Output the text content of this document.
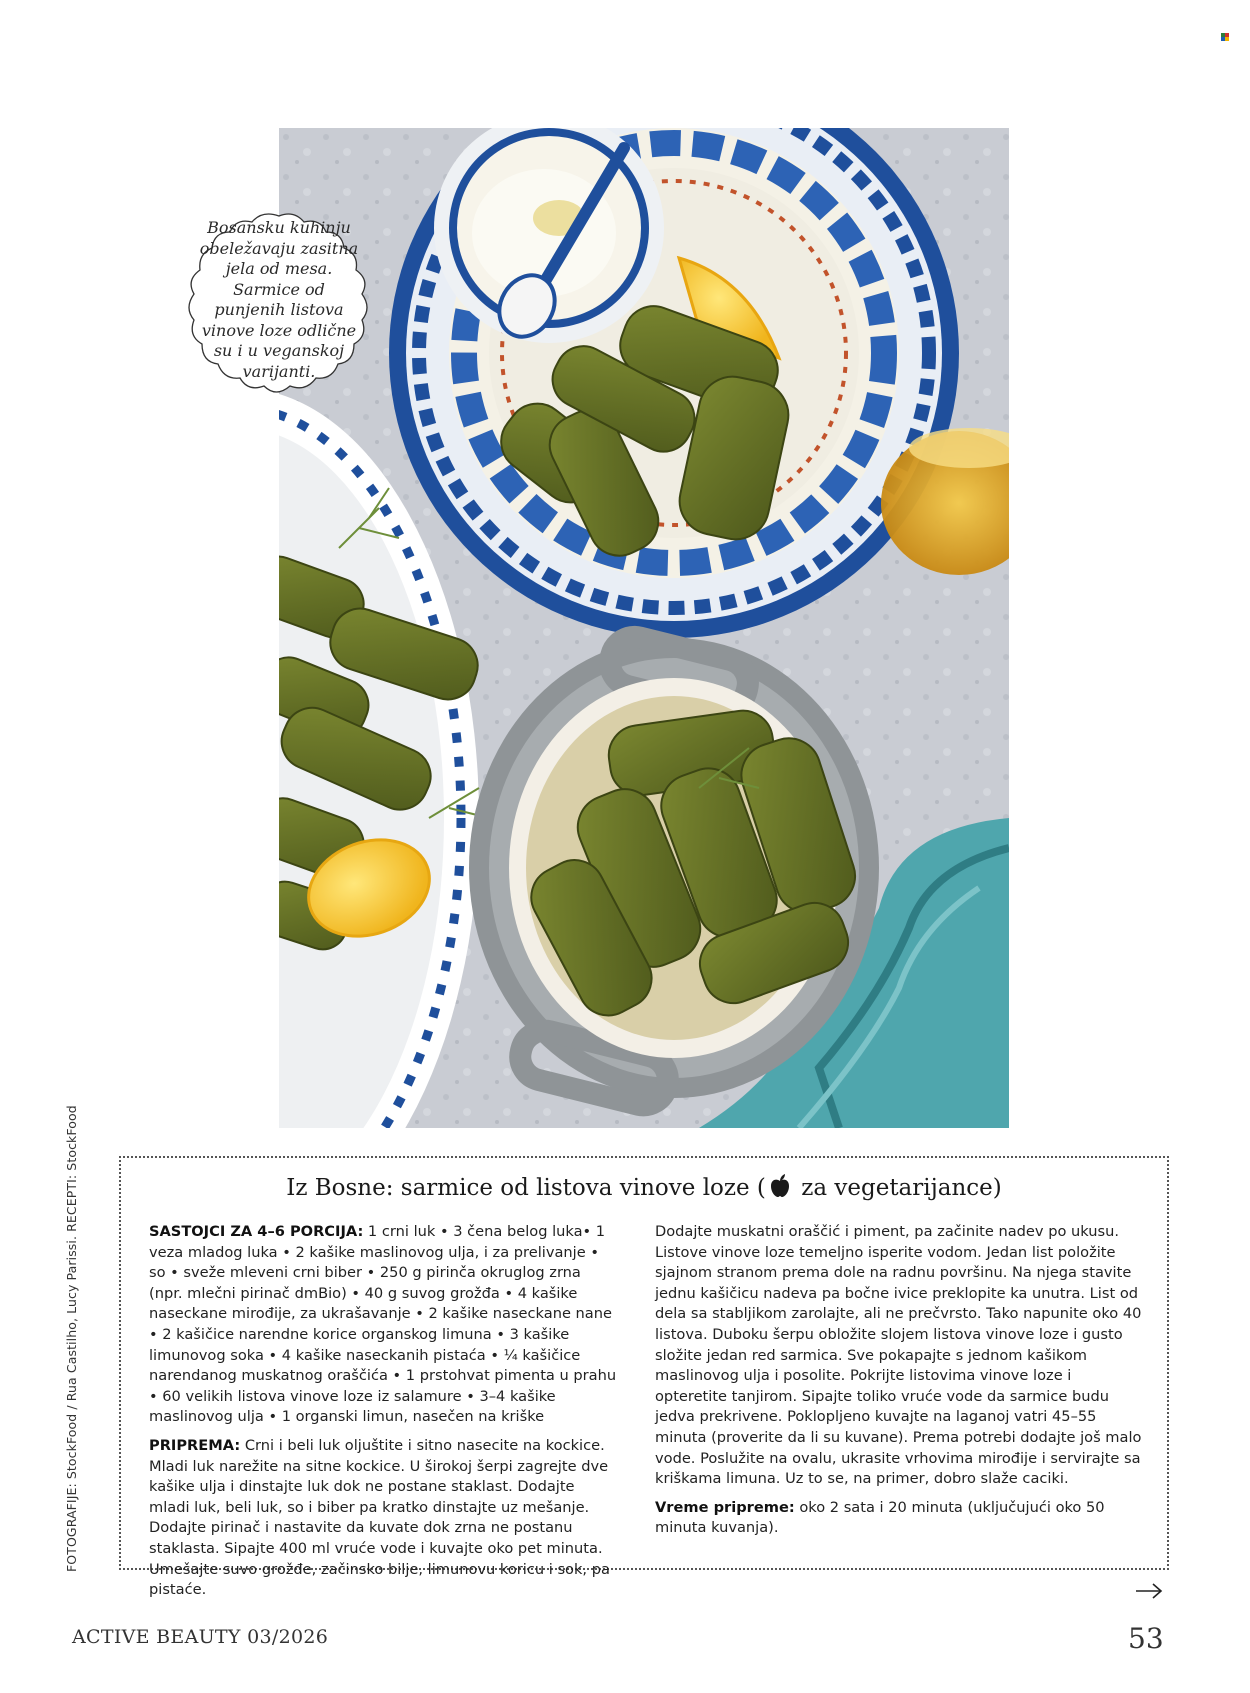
Bosansku kuhinju
obeležavaju zasitna
jela od mesa.
Sarmice od
punjenih listova
vinove loze odlične
su i u veganskoj
varijanti.
FOTOGRAFIJE: StockFood / Rua Castilho, Lucy Parissi. RECEPTI: StockFood	Iz Bosne: sarmice od listova vinove loze ( za vegetarijance)

SASTOJCI ZA 4–6 PORCIJA: 1 crni luk • 3 čena belog luka• 1 veza mladog luka • 2 kašike maslinovog ulja, i za prelivanje • so • sveže mleveni crni biber • 250 g pirinča okruglog zrna (npr. mlečni pirinač dmBio) • 40 g suvog grožđa • 4 kašike naseckane mirođije, za ukrašavanje • 2 kašike naseckane nane • 2 kašičice narendne korice organskog limuna • 3 kašike limunovog soka • 4 kašike naseckanih pistaća • ¼ kašičice narendanog muskatnog oraščića • 1 prstohvat pimenta u prahu • 60 velikih listova vinove loze iz salamure • 3–4 kašike maslinovog ulja • 1 organski limun, nasečen na kriške

PRIPREMA: Crni i beli luk oljuštite i sitno nasecite na kockice. Mladi luk narežite na sitne kockice. U širokoj šerpi zagrejte dve kašike ulja i dinstajte luk dok ne postane staklast. Dodajte mladi luk, beli luk, so i biber pa kratko dinstajte uz mešanje. Dodajte pirinač i nastavite da kuvate dok zrna ne postanu staklasta. Sipajte 400 ml vruće vode i kuvajte oko pet minuta. Umešajte suvo grožđe, začinsko bilje, limunovu koricu i sok, pa pistaće.

Dodajte muskatni oraščić i piment, pa začinite nadev po ukusu. Listove vinove loze temeljno isperite vodom. Jedan list položite sjajnom stranom prema dole na radnu površinu. Na njega stavite jednu kašičicu nadeva pa bočne ivice preklopite ka unutra. List od dela sa stabljikom zarolajte, ali ne prečvrsto. Tako napunite oko 40 listova. Duboku šerpu obložite slojem listova vinove loze i gusto složite jedan red sarmica. Sve pokapajte s jednom kašikom maslinovog ulja i posolite. Pokrijte listovima vinove loze i opteretite tanjirom. Sipajte toliko vruće vode da sarmice budu jedva prekrivene. Poklopljeno kuvajte na laganoj vatri 45–55 minuta (proverite da li su kuvane). Prema potrebi dodajte još malo vode. Poslužite na ovalu, ukrasite vrhovima mirođije i servirajte sa kriškama limuna. Uz to se, na primer, dobro slaže caciki.

Vreme pripreme: oko 2 sata i 20 minuta (uključujući oko 50 minuta kuvanja).

ACTIVE BEAUTY 03/2026	53
